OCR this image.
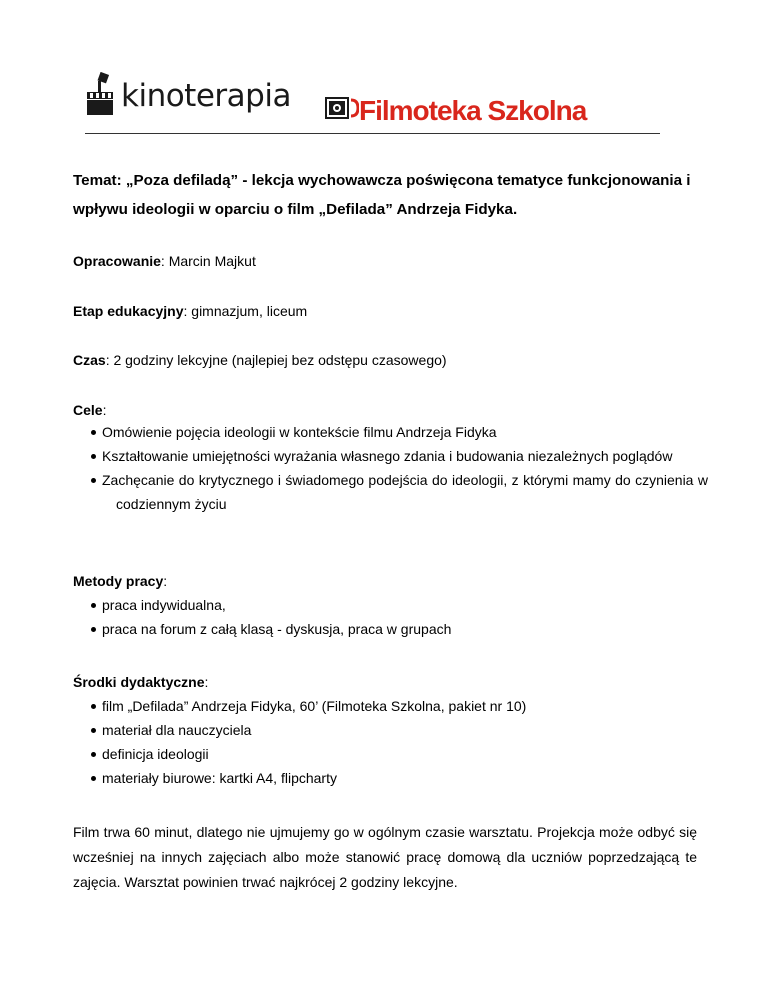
kinoterapia Filmoteka Szkolna
Temat: „Poza defiladą” - lekcja wychowawcza poświęcona tematyce funkcjonowania i wpływu ideologii w oparciu o film „Defilada” Andrzeja Fidyka.
Opracowanie: Marcin Majkut
Etap edukacyjny: gimnazjum, liceum
Czas: 2 godziny lekcyjne (najlepiej bez odstępu czasowego)
Cele:
Omówienie pojęcia ideologii w kontekście filmu Andrzeja Fidyka
Kształtowanie umiejętności wyrażania własnego zdania i budowania niezależnych poglądów
Zachęcanie do krytycznego i świadomego podejścia do ideologii, z którymi mamy do czynienia w codziennym życiu
Metody pracy:
praca indywidualna,
praca na forum z całą klasą - dyskusja, praca w grupach
Środki dydaktyczne:
film „Defilada” Andrzeja Fidyka, 60’ (Filmoteka Szkolna, pakiet nr 10)
materiał dla nauczyciela
definicja ideologii
materiały biurowe: kartki A4, flipcharty
Film trwa 60 minut, dlatego nie ujmujemy go w ogólnym czasie warsztatu. Projekcja może odbyć się wcześniej na innych zajęciach albo może stanowić pracę domową dla uczniów poprzedzającą te zajęcia. Warsztat powinien trwać najkrócej 2 godziny lekcyjne.
